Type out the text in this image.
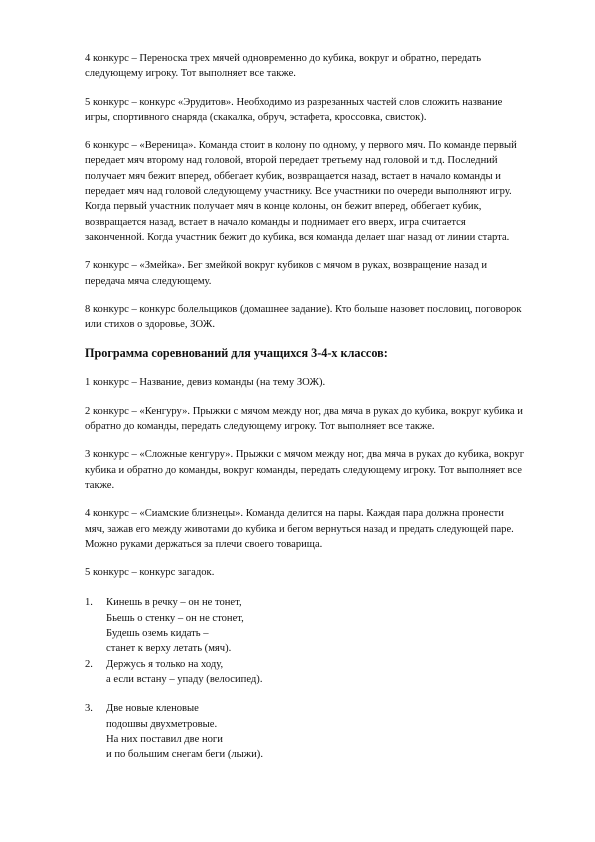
4 конкурс – Переноска трех мячей одновременно до кубика, вокруг и обратно, передать следующему игроку. Тот выполняет все также.

5 конкурс – конкурс «Эрудитов». Необходимо из разрезанных частей слов сложить название игры, спортивного снаряда (скакалка, обруч, эстафета, кроссовка, свисток).

6 конкурс – «Вереница». Команда стоит в колону по одному, у первого мяч. По команде первый передает мяч второму над головой, второй передает третьему над головой и т.д. Последний получает мяч бежит вперед, оббегает кубик, возвращается назад, встает в начало команды и передает мяч над головой следующему участнику. Все участники по очереди выполняют игру. Когда первый участник получает мяч в конце колоны, он бежит вперед, оббегает кубик, возвращается назад, встает в начало команды и поднимает его вверх, игра считается законченной. Когда участник бежит до кубика, вся команда делает шаг назад от линии старта.

7 конкурс – «Змейка». Бег змейкой вокруг кубиков с мячом в руках, возвращение назад и передача мяча следующему.

8 конкурс – конкурс болельщиков (домашнее задание). Кто больше назовет пословиц, поговорок или стихов о здоровье, ЗОЖ.

Программа соревнований для учащихся 3-4-х классов:

1 конкурс – Название, девиз команды (на тему ЗОЖ).

2 конкурс – «Кенгуру». Прыжки с мячом между ног, два мяча в руках до кубика, вокруг кубика и обратно до команды, передать следующему игроку. Тот выполняет все также.

3 конкурс – «Сложные кенгуру». Прыжки с мячом между ног, два мяча в руках до кубика, вокруг кубика и обратно до команды, вокруг команды, передать следующему игроку. Тот выполняет все также.

4 конкурс – «Сиамские близнецы». Команда делится на пары. Каждая пара должна пронести мяч, зажав его между животами до кубика и бегом вернуться назад и предать следующей паре. Можно руками держаться за плечи своего товарища.

5 конкурс – конкурс загадок.

1. Кинешь в речку – он не тонет,
Бьешь о стенку – он не стонет,
Будешь оземь кидать –
станет к верху летать (мяч).
2. Держусь я только на ходу,
а если встану – упаду (велосипед).
3. Две новые кленовые
подошвы двухметровые.
На них поставил две ноги
и по большим снегам беги (лыжи).
